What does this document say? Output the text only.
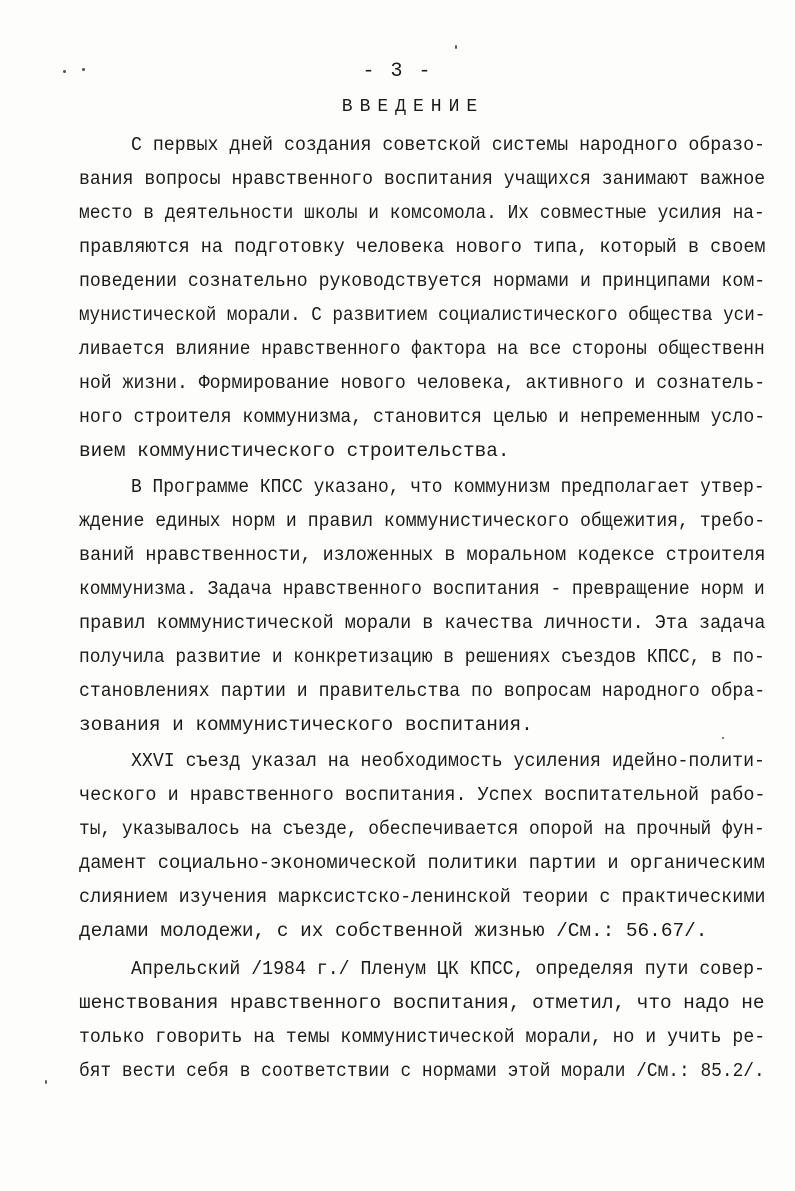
- 3 -
ВВЕДЕНИЕ
С первых дней создания советской системы народного образо-
вания вопросы нравственного воспитания учащихся занимают важное
место в деятельности школы и комсомола. Их совместные усилия на-
правляются на подготовку человека нового типа, который в своем
поведении сознательно руководствуется нормами и принципами ком-
мунистической морали. С развитием социалистического общества уси-
ливается влияние нравственного фактора на все стороны общественн
ной жизни. Формирование нового человека, активного и сознатель-
ного строителя коммунизма, становится целью и непременным усло-
вием коммунистического строительства.
В Программе КПСС указано, что коммунизм предполагает утвер-
ждение единых норм и правил коммунистического общежития, требо-
ваний нравственности, изложенных в моральном кодексе строителя
коммунизма. Задача нравственного воспитания - превращение норм и
правил коммунистической морали в качества личности. Эта задача
получила развитие и конкретизацию в решениях съездов КПСС, в по-
становлениях партии и правительства по вопросам народного обра-
зования и коммунистического воспитания.
XXVI съезд указал на необходимость усиления идейно-полити-
ческого и нравственного воспитания. Успех воспитательной рабо-
ты, указывалось на съезде, обеспечивается опорой на прочный фун-
дамент социально-экономической политики партии и органическим
слиянием изучения марксистско-ленинской теории с практическими
делами молодежи, с их собственной жизнью /См.: 56.67/.
Апрельский /1984 г./ Пленум ЦК КПСС, определяя пути совер-
шенствования нравственного воспитания, отметил, что надо не
только говорить на темы коммунистической морали, но и учить ре-
бят вести себя в соответствии с нормами этой морали /См.: 85.2/.
